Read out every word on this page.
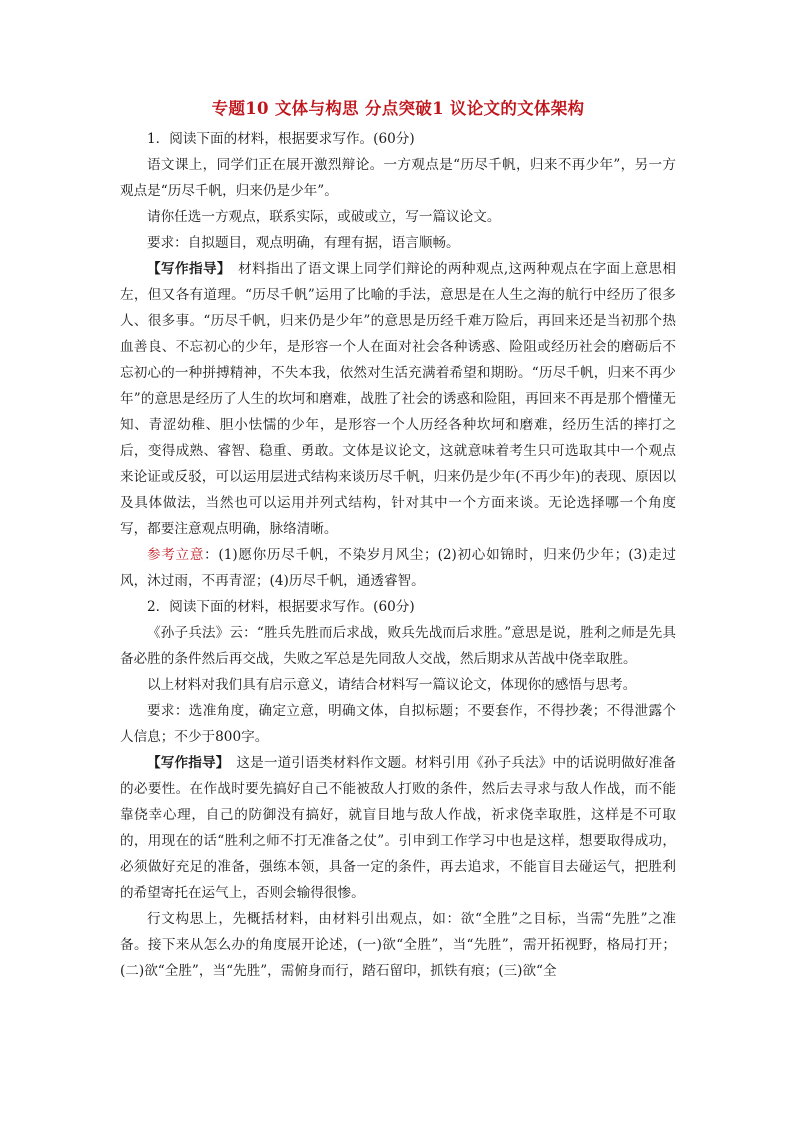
专题10 文体与构思 分点突破1 议论文的文体架构

1．阅读下面的材料，根据要求写作。(60分)

语文课上，同学们正在展开激烈辩论。一方观点是“历尽千帆，归来不再少年”，另一方观点是“历尽千帆，归来仍是少年”。

请你任选一方观点，联系实际，或破或立，写一篇议论文。

要求：自拟题目，观点明确，有理有据，语言顺畅。

【写作指导】　材料指出了语文课上同学们辩论的两种观点,这两种观点在字面上意思相左，但又各有道理。“历尽千帆”运用了比喻的手法，意思是在人生之海的航行中经历了很多人、很多事。“历尽千帆，归来仍是少年”的意思是历经千难万险后，再回来还是当初那个热血善良、不忘初心的少年，是形容一个人在面对社会各种诱惑、险阻或经历社会的磨砺后不忘初心的一种拼搏精神，不失本我，依然对生活充满着希望和期盼。“历尽千帆，归来不再少年”的意思是经历了人生的坎坷和磨难，战胜了社会的诱惑和险阻，再回来不再是那个懵懂无知、青涩幼稚、胆小怯懦的少年，是形容一个人历经各种坎坷和磨难，经历生活的摔打之后，变得成熟、睿智、稳重、勇敢。文体是议论文，这就意味着考生只可选取其中一个观点来论证或反驳，可以运用层进式结构来谈历尽千帆，归来仍是少年(不再少年)的表现、原因以及具体做法，当然也可以运用并列式结构，针对其中一个方面来谈。无论选择哪一个角度写，都要注意观点明确，脉络清晰。

参考立意：(1)愿你历尽千帆，不染岁月风尘；(2)初心如锦时，归来仍少年；(3)走过风，沐过雨，不再青涩；(4)历尽千帆，通透睿智。

2．阅读下面的材料，根据要求写作。(60分)

《孙子兵法》云：“胜兵先胜而后求战，败兵先战而后求胜。”意思是说，胜利之师是先具备必胜的条件然后再交战，失败之军总是先同敌人交战，然后期求从苦战中侥幸取胜。

以上材料对我们具有启示意义，请结合材料写一篇议论文，体现你的感悟与思考。

要求：选准角度，确定立意，明确文体，自拟标题；不要套作，不得抄袭；不得泄露个人信息；不少于800字。

【写作指导】　这是一道引语类材料作文题。材料引用《孙子兵法》中的话说明做好准备的必要性。在作战时要先搞好自己不能被敌人打败的条件，然后去寻求与敌人作战，而不能靠侥幸心理，自己的防御没有搞好，就盲目地与敌人作战，祈求侥幸取胜，这样是不可取的，用现在的话“胜利之师不打无准备之仗”。引申到工作学习中也是这样，想要取得成功，必须做好充足的准备，强练本领，具备一定的条件，再去追求，不能盲目去碰运气，把胜利的希望寄托在运气上，否则会输得很惨。

行文构思上，先概括材料，由材料引出观点，如：欲“全胜”之目标，当需“先胜”之准备。接下来从怎么办的角度展开论述，(一)欲“全胜”，当“先胜”，需开拓视野，格局打开；(二)欲“全胜”，当“先胜”，需俯身而行，踏石留印，抓铁有痕；(三)欲“全
